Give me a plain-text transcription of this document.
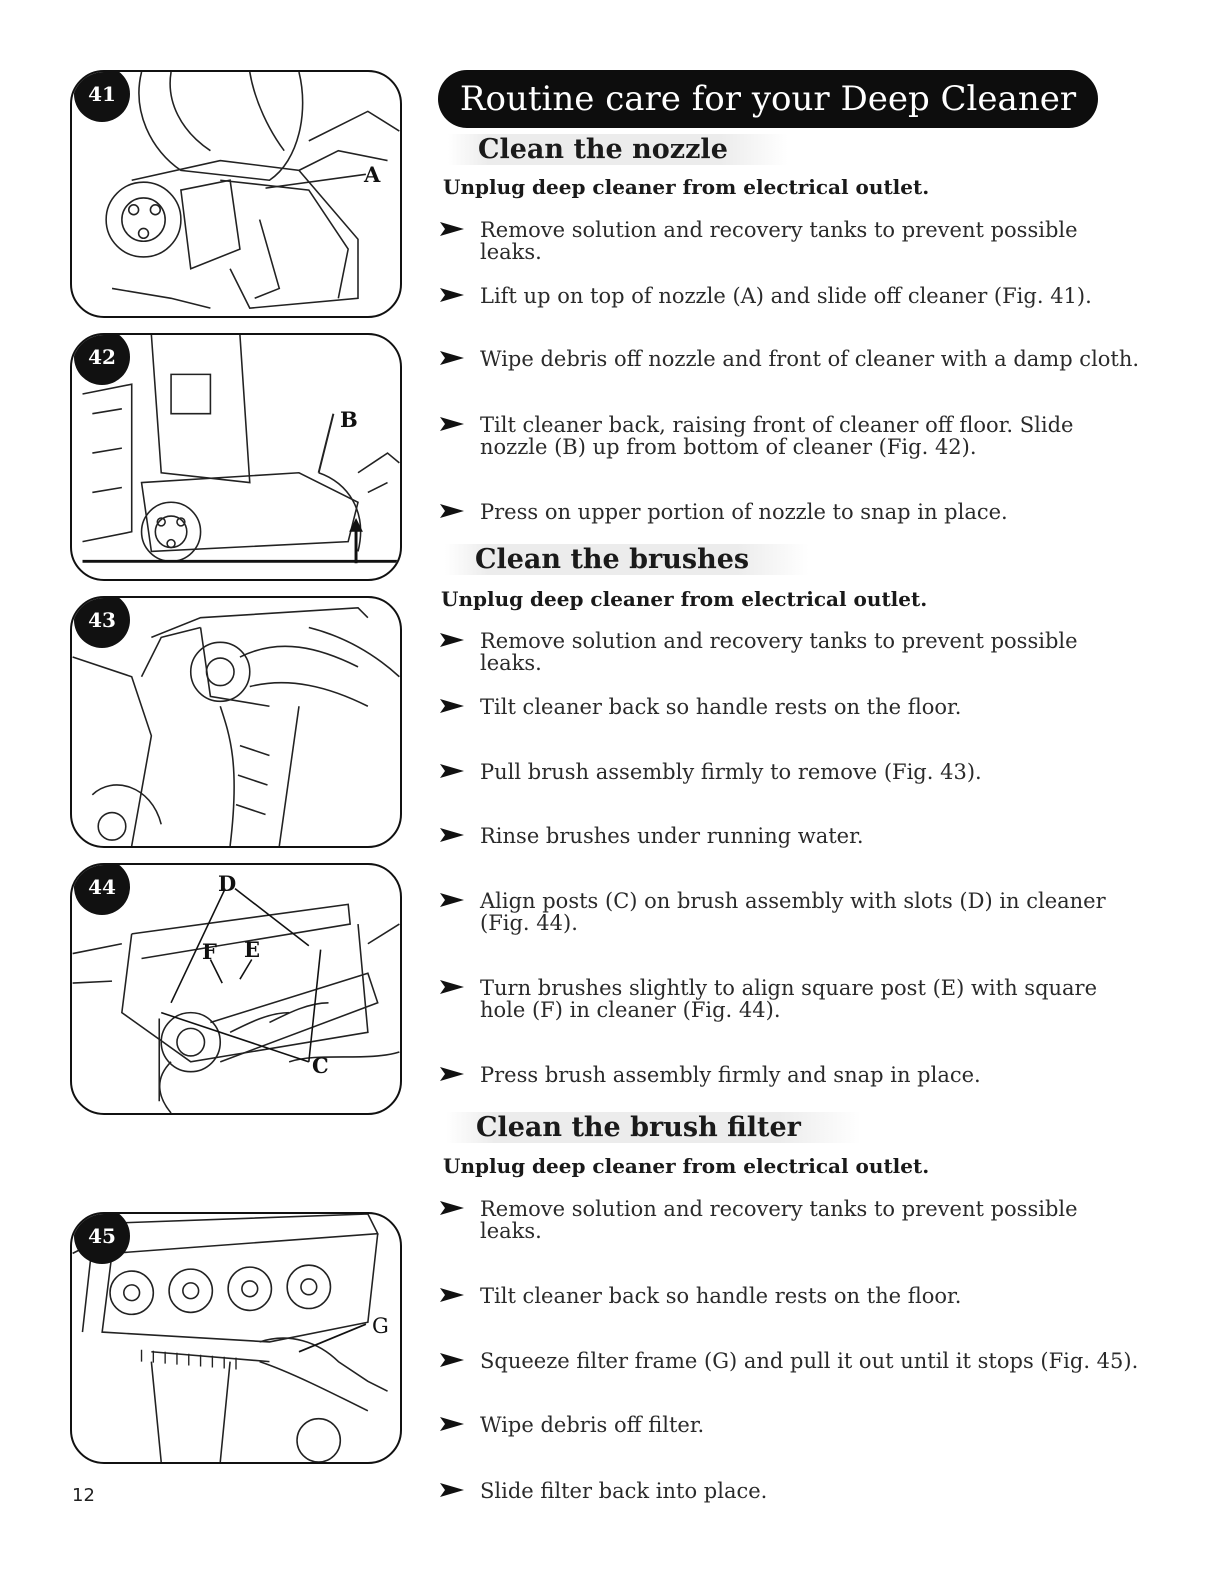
41
A
42
B
43
44	D
F E
C
45
G
Routine care for your Deep Cleaner
Clean the nozzle
Unplug deep cleaner from electrical outlet.
Remove solution and recovery tanks to prevent possible leaks.
Lift up on top of nozzle (A) and slide off cleaner (Fig. 41).
Wipe debris off nozzle and front of cleaner with a damp cloth.
Tilt cleaner back, raising front of cleaner off floor. Slide nozzle (B) up from bottom of cleaner (Fig. 42).
Press on upper portion of nozzle to snap in place.
Clean the brushes
Unplug deep cleaner from electrical outlet.
Remove solution and recovery tanks to prevent possible leaks.
Tilt cleaner back so handle rests on the floor.
Pull brush assembly firmly to remove (Fig. 43).
Rinse brushes under running water.
Align posts (C) on brush assembly with slots (D) in cleaner (Fig. 44).
Turn brushes slightly to align square post (E) with square hole (F) in cleaner (Fig. 44).
Press brush assembly firmly and snap in place.
Clean the brush filter
Unplug deep cleaner from electrical outlet.
Remove solution and recovery tanks to prevent possible leaks.
Tilt cleaner back so handle rests on the floor.
Squeeze filter frame (G) and pull it out until it stops (Fig. 45).
Wipe debris off filter.
Slide filter back into place.
12
